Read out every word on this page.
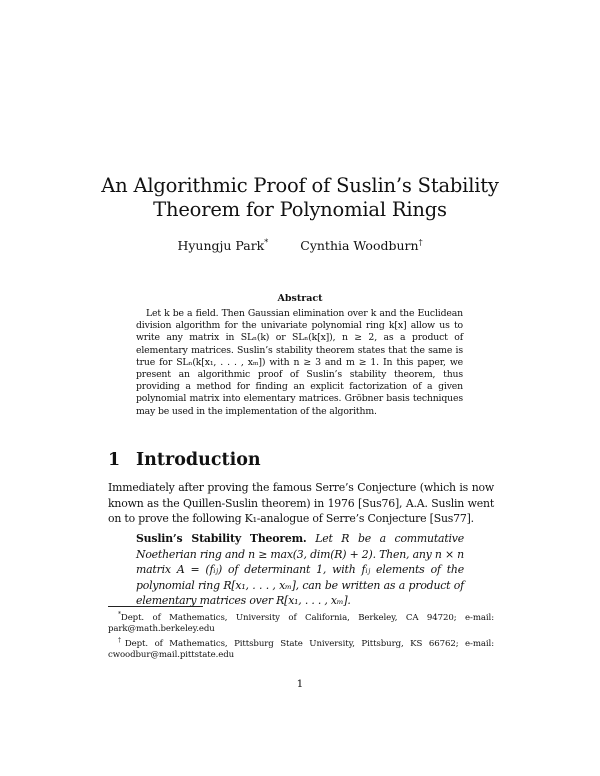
An Algorithmic Proof of Suslin’s Stability
Theorem for Polynomial Rings
Hyungju Park*	Cynthia Woodburn†
Abstract
Let k be a field. Then Gaussian elimination over k and the Euclidean division algorithm for the univariate polynomial ring k[x] allow us to write any matrix in SLₙ(k) or SLₙ(k[x]), n ≥ 2, as a product of elementary matrices. Suslin’s stability theorem states that the same is true for SLₙ(k[x₁, . . . , xₘ]) with n ≥ 3 and m ≥ 1. In this paper, we present an algorithmic proof of Suslin’s stability theorem, thus providing a method for finding an explicit factorization of a given polynomial matrix into elementary matrices. Gröbner basis techniques may be used in the implementation of the algorithm.
1 Introduction
Immediately after proving the famous Serre’s Conjecture (which is now known as the Quillen-Suslin theorem) in 1976 [Sus76], A.A. Suslin went on to prove the following K₁-analogue of Serre’s Conjecture [Sus77].
Suslin’s Stability Theorem. Let R be a commutative Noetherian ring and n ≥ max(3, dim(R) + 2). Then, any n × n matrix A = (fᵢⱼ) of determinant 1, with fᵢⱼ elements of the polynomial ring R[x₁, . . . , xₘ], can be written as a product of elementary matrices over R[x₁, . . . , xₘ].
*Dept. of Mathematics, University of California, Berkeley, CA 94720; e-mail: park@math.berkeley.edu
†Dept. of Mathematics, Pittsburg State University, Pittsburg, KS 66762; e-mail: cwoodbur@mail.pittstate.edu
1
